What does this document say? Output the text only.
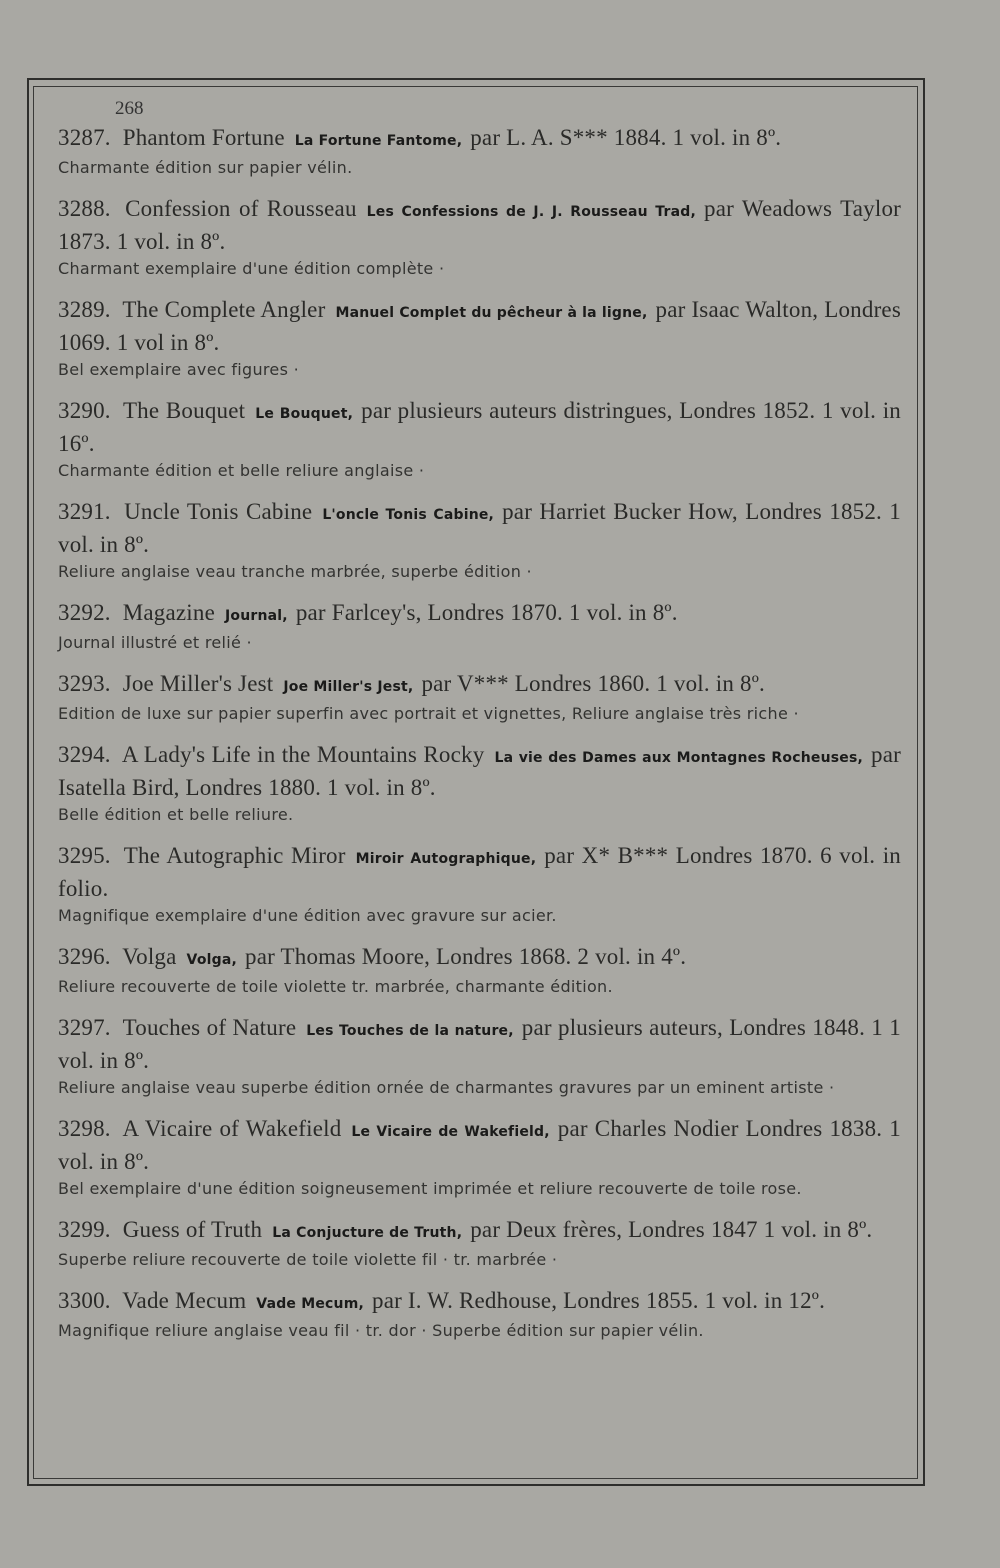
268
3287. Phantom Fortune La Fortune Fantome, par L. A. S*** 1884. 1 vol. in 8º.
Charmante édition sur papier vélin.
3288. Confession of Rousseau Les Confessions de J. J. Rousseau Trad, par Weadows Taylor 1873. 1 vol. in 8º.
Charmant exemplaire d'une édition complète ·
3289. The Complete Angler Manuel Complet du pêcheur à la ligne, par Isaac Walton, Londres 1069. 1 vol in 8º.
Bel exemplaire avec figures ·
3290. The Bouquet Le Bouquet, par plusieurs auteurs distringues, Londres 1852. 1 vol. in 16º.
Charmante édition et belle reliure anglaise ·
3291. Uncle Tonis Cabine L'oncle Tonis Cabine, par Harriet Bucker How, Londres 1852. 1 vol. in 8º.
Reliure anglaise veau tranche marbrée, superbe édition ·
3292. Magazine Journal, par Farlcey's, Londres 1870. 1 vol. in 8º.
Journal illustré et relié ·
3293. Joe Miller's Jest Joe Miller's Jest, par V*** Londres 1860. 1 vol. in 8º.
Edition de luxe sur papier superfin avec portrait et vignettes, Reliure anglaise très riche ·
3294. A Lady's Life in the Mountains Rocky La vie des Dames aux Montagnes Rocheuses, par Isatella Bird, Londres 1880. 1 vol. in 8º.
Belle édition et belle reliure.
3295. The Autographic Miror Miroir Autographique, par X* B*** Londres 1870. 6 vol. in folio.
Magnifique exemplaire d'une édition avec gravure sur acier.
3296. Volga Volga, par Thomas Moore, Londres 1868. 2 vol. in 4º.
Reliure recouverte de toile violette tr. marbrée, charmante édition.
3297. Touches of Nature Les Touches de la nature, par plusieurs auteurs, Londres 1848. 1 1 vol. in 8º.
Reliure anglaise veau superbe édition ornée de charmantes gravures par un eminent artiste ·
3298. A Vicaire of Wakefield Le Vicaire de Wakefield, par Charles Nodier Londres 1838. 1 vol. in 8º.
Bel exemplaire d'une édition soigneusement imprimée et reliure recouverte de toile rose.
3299. Guess of Truth La Conjucture de Truth, par Deux frères, Londres 1847 1 vol. in 8º.
Superbe reliure recouverte de toile violette fil · tr. marbrée ·
3300. Vade Mecum Vade Mecum, par I. W. Redhouse, Londres 1855. 1 vol. in 12º.
Magnifique reliure anglaise veau fil · tr. dor · Superbe édition sur papier vélin.
